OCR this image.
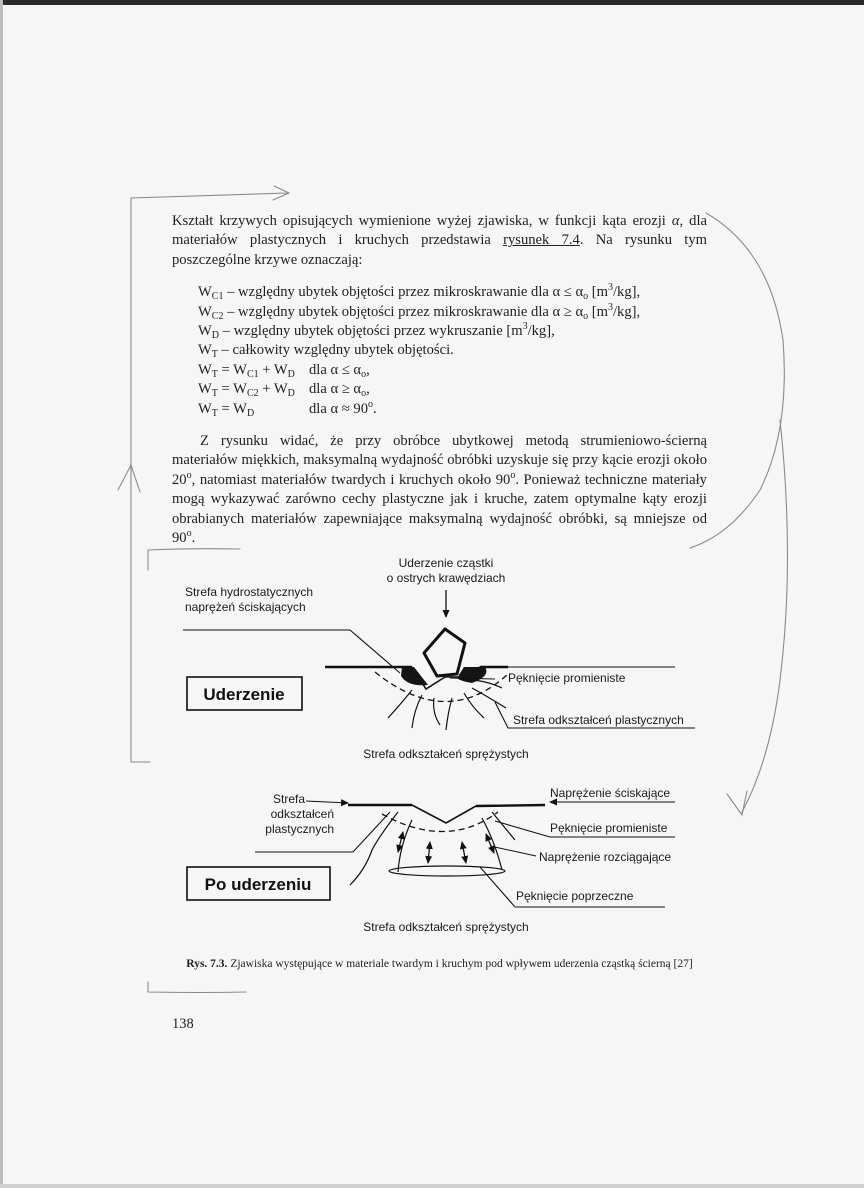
Kształt krzywych opisujących wymienione wyżej zjawiska, w funkcji kąta erozji α, dla materiałów plastycznych i kruchych przedstawia rysunek 7.4. Na rysunku tym poszczególne krzywe oznaczają:

$W_{C1}$ – względny ubytek objętości przez mikroskrawanie dla $\alpha \le \alpha_o$ $[m^3/kg]$,
$W_{C2}$ – względny ubytek objętości przez mikroskrawanie dla $\alpha \ge \alpha_o$ $[m^3/kg]$,
$W_D$ – względny ubytek objętości przez wykruszanie $[m^3/kg]$,
$W_T$ – całkowity względny ubytek objętości.
$W_T = W_{C1} + W_D$ dla $\alpha \le \alpha_o$,
$W_T = W_{C2} + W_D$ dla $\alpha \ge \alpha_o$,
$W_T = W_D$	dla $\alpha \approx 90^o$.

Z rysunku widać, że przy obróbce ubytkowej metodą strumieniowo-ścierną materiałów miękkich, maksymalną wydajność obróbki uzyskuje się przy kącie erozji około 20$^o$, natomiast materiałów twardych i kruchych około 90$^o$. Ponieważ techniczne materiały mogą wykazywać zarówno cechy plastyczne jak i kruche, zatem optymalne kąty erozji obrabianych materiałów zapewniające maksymalną wydajność obróbki, są mniejsze od 90$^o$.

Uderzenie cząstki
o ostrych krawędziach
Strefa hydrostatycznych
naprężeń ściskających
Pęknięcie promieniste
Strefa odkształceń plastycznych
Uderzenie
Strefa odkształceń sprężystych
Strefa
odkształceń
plastycznych
Naprężenie ściskające
Pęknięcie promieniste
Naprężenie rozciągające
Pęknięcie poprzeczne
Po uderzeniu
Strefa odkształceń sprężystych
Rys. 7.3. Zjawiska występujące w materiale twardym i kruchym pod wpływem uderzenia cząstką ścierną [27]
138
